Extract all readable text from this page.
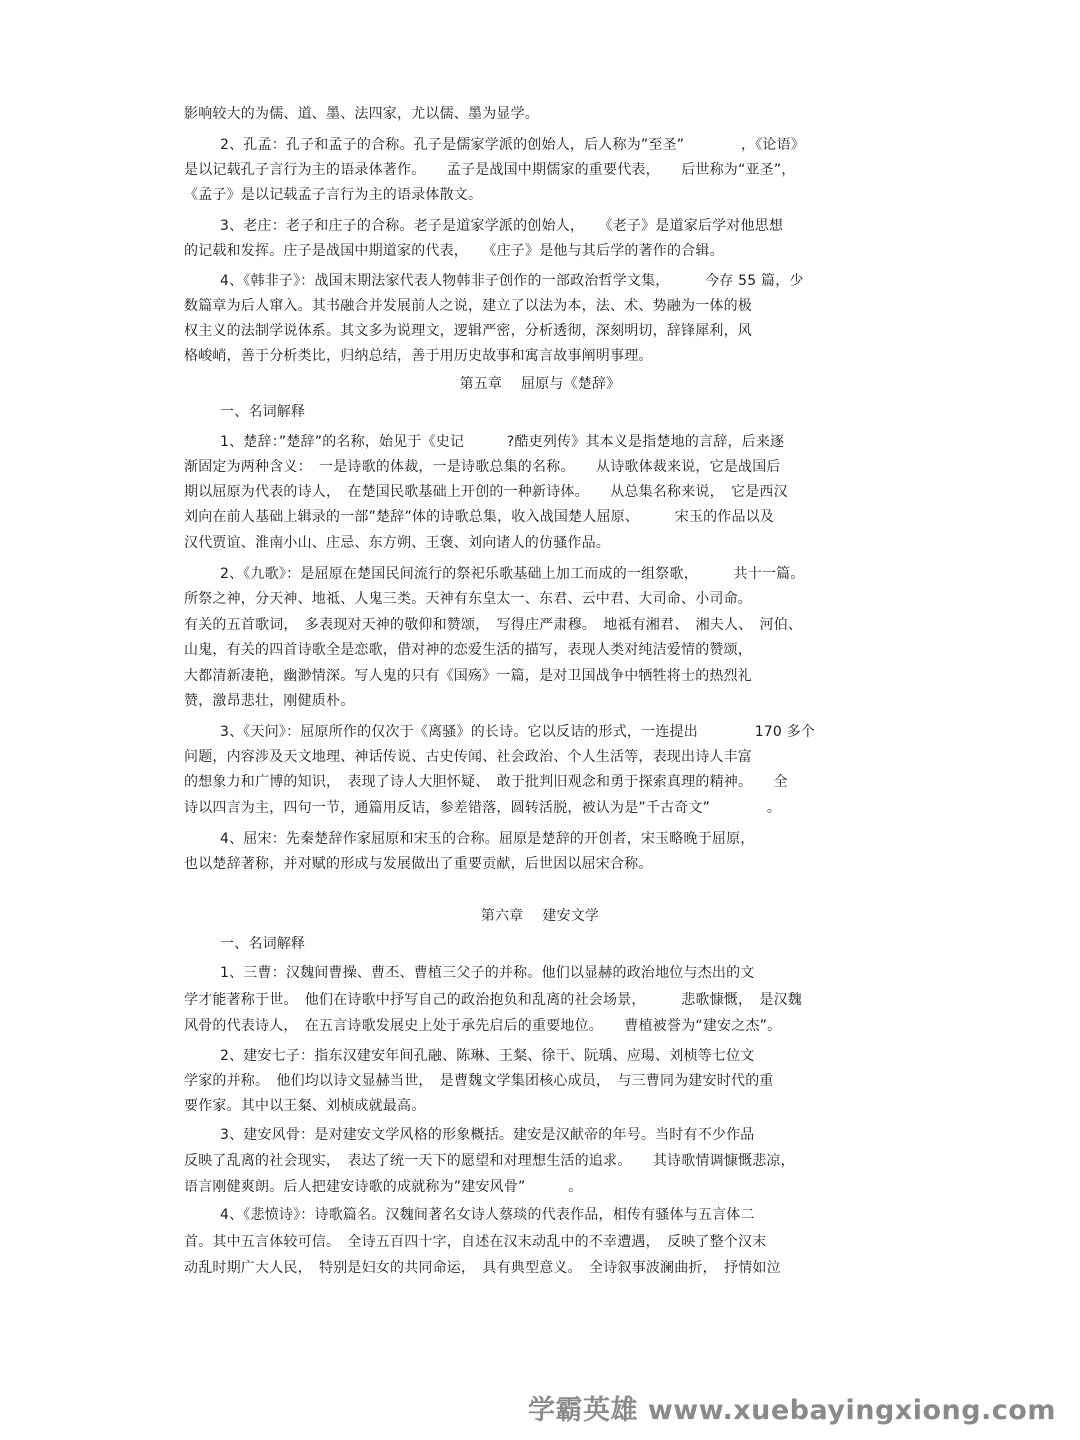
影响较大的为儒、道、墨、法四家，尤以儒、墨为显学。
2、孔孟：孔子和孟子的合称。孔子是儒家学派的创始人，后人称为”至圣”　　　　，《论语》
是以记载孔子言行为主的语录体著作。　　孟子是战国中期儒家的重要代表，　　后世称为“亚圣”，
《孟子》是以记载孟子言行为主的语录体散文。
3、老庄：老子和庄子的合称。老子是道家学派的创始人，　　《老子》是道家后学对他思想
的记载和发挥。庄子是战国中期道家的代表，　　《庄子》是他与其后学的著作的合辑。
4、《韩非子》：战国末期法家代表人物韩非子创作的一部政治哲学文集，　　　今存 55 篇，少
数篇章为后人窜入。其书融合并发展前人之说，建立了以法为本，法、术、势融为一体的极
权主义的法制学说体系。其文多为说理文，逻辑严密，分析透彻，深刻明切，辞锋犀利，风
格峻峭，善于分析类比，归纳总结，善于用历史故事和寓言故事阐明事理。
第五章　 屈原与《楚辞》
一、名词解释
1、楚辞：”楚辞”的名称，始见于《史记　　　?酷吏列传》其本义是指楚地的言辞，后来逐
渐固定为两种含义：　一是诗歌的体裁，一是诗歌总集的名称。　　从诗歌体裁来说，它是战国后
期以屈原为代表的诗人，　在楚国民歌基础上开创的一种新诗体。　　从总集名称来说，　它是西汉
刘向在前人基础上辑录的一部”楚辞”体的诗歌总集，收入战国楚人屈原、　　　宋玉的作品以及
汉代贾谊、淮南小山、庄忌、东方朔、王褒、刘向诸人的仿骚作品。
2、《九歌》：是屈原在楚国民间流行的祭祀乐歌基础上加工而成的一组祭歌，　　　共十一篇。
所祭之神，分天神、地祗、人鬼三类。天神有东皇太一、东君、云中君、大司命、小司命。
有关的五首歌词，　多表现对天神的敬仰和赞颂，　写得庄严肃穆。　地祗有湘君、　湘夫人、　河伯、
山鬼，有关的四首诗歌全是恋歌，借对神的恋爱生活的描写，表现人类对纯洁爱情的赞颂，
大都清新凄艳，幽渺情深。写人鬼的只有《国殇》一篇，是对卫国战争中牺牲将士的热烈礼
赞，激昂悲壮，刚健质朴。
3、《天问》：屈原所作的仅次于《离骚》的长诗。它以反诘的形式，一连提出　　　　170 多个
问题，内容涉及天文地理、神话传说、古史传闻、社会政治、个人生活等，表现出诗人丰富
的想象力和广博的知识，　表现了诗人大胆怀疑、　敢于批判旧观念和勇于探索真理的精神。　　全
诗以四言为主，四句一节，通篇用反诘，参差错落，圆转活脱，被认为是”千古奇文”　　　　。
4、屈宋：先秦楚辞作家屈原和宋玉的合称。屈原是楚辞的开创者，宋玉略晚于屈原，
也以楚辞著称，并对赋的形成与发展做出了重要贡献，后世因以屈宋合称。
第六章　 建安文学
一、名词解释
1、三曹：汉魏间曹操、曹丕、曹植三父子的并称。他们以显赫的政治地位与杰出的文
学才能著称于世。　他们在诗歌中抒写自己的政治抱负和乱离的社会场景，　　　悲歌慷慨，　是汉魏
风骨的代表诗人，　在五言诗歌发展史上处于承先启后的重要地位。　　曹植被誉为“建安之杰”。
2、建安七子：指东汉建安年间孔融、陈琳、王粲、徐干、阮瑀、应瑒、刘桢等七位文
学家的并称。　他们均以诗文显赫当世，　是曹魏文学集团核心成员，　与三曹同为建安时代的重
要作家。其中以王粲、刘桢成就最高。
3、建安风骨：是对建安文学风格的形象概括。建安是汉献帝的年号。当时有不少作品
反映了乱离的社会现实，　表达了统一天下的愿望和对理想生活的追求。　　其诗歌情调慷慨悲凉，
语言刚健爽朗。后人把建安诗歌的成就称为”建安风骨”　　　。
4、《悲愤诗》：诗歌篇名。汉魏间著名女诗人蔡琰的代表作品，相传有骚体与五言体二
首。其中五言体较可信。　全诗五百四十字，自述在汉末动乱中的不幸遭遇，　反映了整个汉末
动乱时期广大人民，　特别是妇女的共同命运，　具有典型意义。　全诗叙事波澜曲折，　抒情如泣
学霸英雄 www.xuebayingxiong.com
